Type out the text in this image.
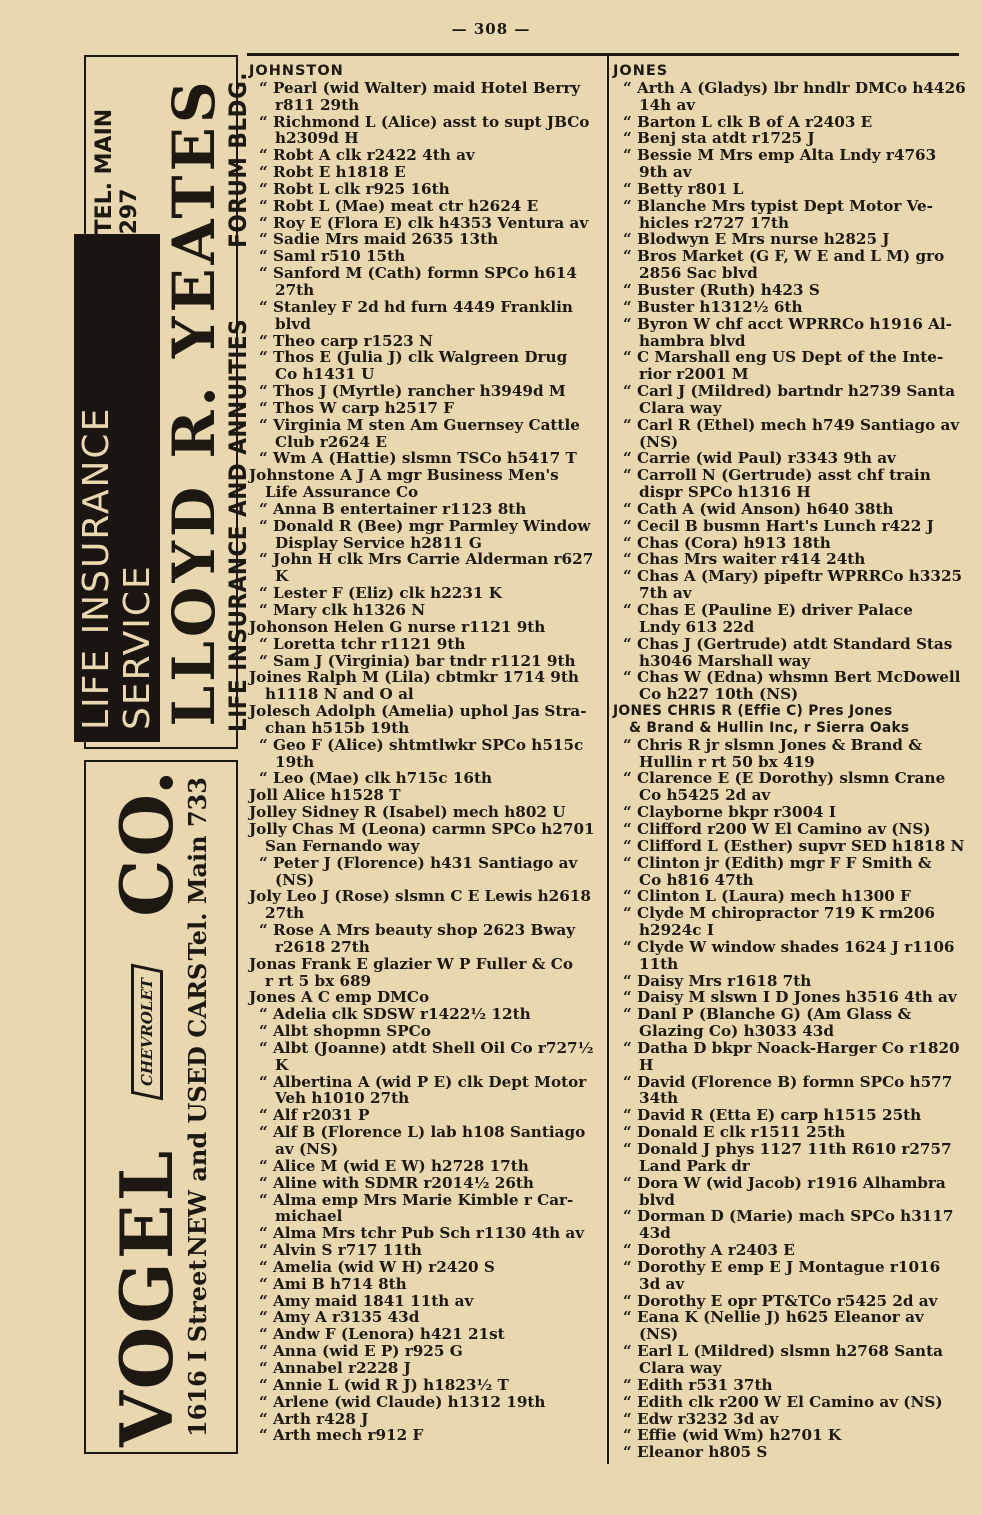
— 308 —
LIFE INSURANCE SERVICE
TEL. MAIN 297 LLOYD R. YEATES
LIFE INSURANCE AND ANNUITIES
FORUM BLDG.
VOGEL
CHEVROLET
CO.
1616 I Street
NEW and USED CARS
Tel. Main 733
JOHNSTON
“ Pearl (wid Walter) maid Hotel Berry
r811 29th
“ Richmond L (Alice) asst to supt JBCo
h2309d H
“ Robt A clk r2422 4th av
“ Robt E h1818 E
“ Robt L clk r925 16th
“ Robt L (Mae) meat ctr h2624 E
“ Roy E (Flora E) clk h4353 Ventura av
“ Sadie Mrs maid 2635 13th
“ Saml r510 15th
“ Sanford M (Cath) formn SPCo h614
27th
“ Stanley F 2d hd furn 4449 Franklin
blvd
“ Theo carp r1523 N
“ Thos E (Julia J) clk Walgreen Drug
Co h1431 U
“ Thos J (Myrtle) rancher h3949d M
“ Thos W carp h2517 F
“ Virginia M sten Am Guernsey Cattle
Club r2624 E
“ Wm A (Hattie) slsmn TSCo h5417 T
Johnstone A J A mgr Business Men's
Life Assurance Co
“ Anna B entertainer r1123 8th
“ Donald R (Bee) mgr Parmley Window
Display Service h2811 G
“ John H clk Mrs Carrie Alderman r627
K
“ Lester F (Eliz) clk h2231 K
“ Mary clk h1326 N
Johonson Helen G nurse r1121 9th
“ Loretta tchr r1121 9th
“ Sam J (Virginia) bar tndr r1121 9th
Joines Ralph M (Lila) cbtmkr 1714 9th
h1118 N and O al
Jolesch Adolph (Amelia) uphol Jas Stra-
chan h515b 19th
“ Geo F (Alice) shtmtlwkr SPCo h515c
19th
“ Leo (Mae) clk h715c 16th
Joll Alice h1528 T
Jolley Sidney R (Isabel) mech h802 U
Jolly Chas M (Leona) carmn SPCo h2701
San Fernando way
“ Peter J (Florence) h431 Santiago av
(NS)
Joly Leo J (Rose) slsmn C E Lewis h2618
27th
“ Rose A Mrs beauty shop 2623 Bway
r2618 27th
Jonas Frank E glazier W P Fuller & Co
r rt 5 bx 689
Jones A C emp DMCo
“ Adelia clk SDSW r1422½ 12th
“ Albt shopmn SPCo
“ Albt (Joanne) atdt Shell Oil Co r727½
K
“ Albertina A (wid P E) clk Dept Motor
Veh h1010 27th
“ Alf r2031 P
“ Alf B (Florence L) lab h108 Santiago
av (NS)
“ Alice M (wid E W) h2728 17th
“ Aline with SDMR r2014½ 26th
“ Alma emp Mrs Marie Kimble r Car-
michael
“ Alma Mrs tchr Pub Sch r1130 4th av
“ Alvin S r717 11th
“ Amelia (wid W H) r2420 S
“ Ami B h714 8th
“ Amy maid 1841 11th av
“ Amy A r3135 43d
“ Andw F (Lenora) h421 21st
“ Anna (wid E P) r925 G
“ Annabel r2228 J
“ Annie L (wid R J) h1823½ T
“ Arlene (wid Claude) h1312 19th
“ Arth r428 J
“ Arth mech r912 F
JONES
“ Arth A (Gladys) lbr hndlr DMCo h4426
14h av
“ Barton L clk B of A r2403 E
“ Benj sta atdt r1725 J
“ Bessie M Mrs emp Alta Lndy r4763
9th av
“ Betty r801 L
“ Blanche Mrs typist Dept Motor Ve-
hicles r2727 17th
“ Blodwyn E Mrs nurse h2825 J
“ Bros Market (G F, W E and L M) gro
2856 Sac blvd
“ Buster (Ruth) h423 S
“ Buster h1312½ 6th
“ Byron W chf acct WPRRCo h1916 Al-
hambra blvd
“ C Marshall eng US Dept of the Inte-
rior r2001 M
“ Carl J (Mildred) bartndr h2739 Santa
Clara way
“ Carl R (Ethel) mech h749 Santiago av
(NS)
“ Carrie (wid Paul) r3343 9th av
“ Carroll N (Gertrude) asst chf train
dispr SPCo h1316 H
“ Cath A (wid Anson) h640 38th
“ Cecil B busmn Hart's Lunch r422 J
“ Chas (Cora) h913 18th
“ Chas Mrs waiter r414 24th
“ Chas A (Mary) pipeftr WPRRCo h3325
7th av
“ Chas E (Pauline E) driver Palace
Lndy 613 22d
“ Chas J (Gertrude) atdt Standard Stas
h3046 Marshall way
“ Chas W (Edna) whsmn Bert McDowell
Co h227 10th (NS)
JONES CHRIS R (Effie C) Pres Jones
& Brand & Hullin Inc, r Sierra Oaks
“ Chris R jr slsmn Jones & Brand &
Hullin r rt 50 bx 419
“ Clarence E (E Dorothy) slsmn Crane
Co h5425 2d av
“ Clayborne bkpr r3004 I
“ Clifford r200 W El Camino av (NS)
“ Clifford L (Esther) supvr SED h1818 N
“ Clinton jr (Edith) mgr F F Smith &
Co h816 47th
“ Clinton L (Laura) mech h1300 F
“ Clyde M chiropractor 719 K rm206
h2924c I
“ Clyde W window shades 1624 J r1106
11th
“ Daisy Mrs r1618 7th
“ Daisy M slswn I D Jones h3516 4th av
“ Danl P (Blanche G) (Am Glass &
Glazing Co) h3033 43d
“ Datha D bkpr Noack-Harger Co r1820
H
“ David (Florence B) formn SPCo h577
34th
“ David R (Etta E) carp h1515 25th
“ Donald E clk r1511 25th
“ Donald J phys 1127 11th R610 r2757
Land Park dr
“ Dora W (wid Jacob) r1916 Alhambra
blvd
“ Dorman D (Marie) mach SPCo h3117
43d
“ Dorothy A r2403 E
“ Dorothy E emp E J Montague r1016
3d av
“ Dorothy E opr PT&TCo r5425 2d av
“ Eana K (Nellie J) h625 Eleanor av
(NS)
“ Earl L (Mildred) slsmn h2768 Santa
Clara way
“ Edith r531 37th
“ Edith clk r200 W El Camino av (NS)
“ Edw r3232 3d av
“ Effie (wid Wm) h2701 K
“ Eleanor h805 S
